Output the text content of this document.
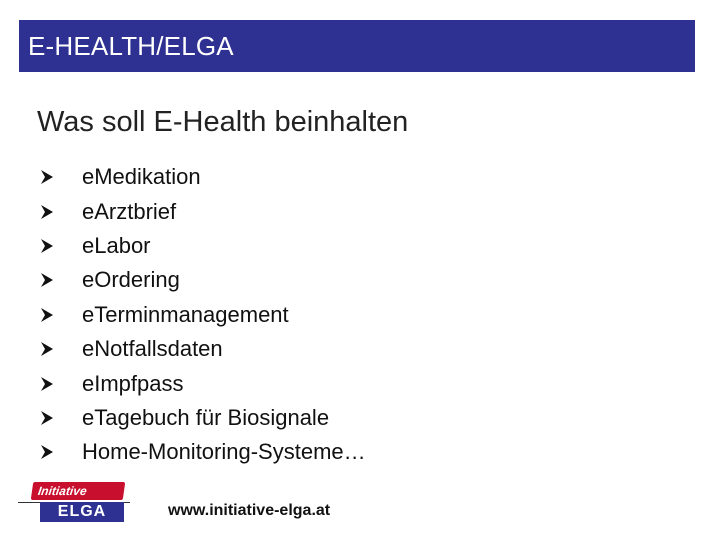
E-HEALTH/ELGA
Was soll E-Health beinhalten
eMedikation
eArztbrief
eLabor
eOrdering
eTerminmanagement
eNotfallsdaten
eImpfpass
eTagebuch für Biosignale
Home-Monitoring-Systeme…
Initiative
ELGA	www.initiative-elga.at
